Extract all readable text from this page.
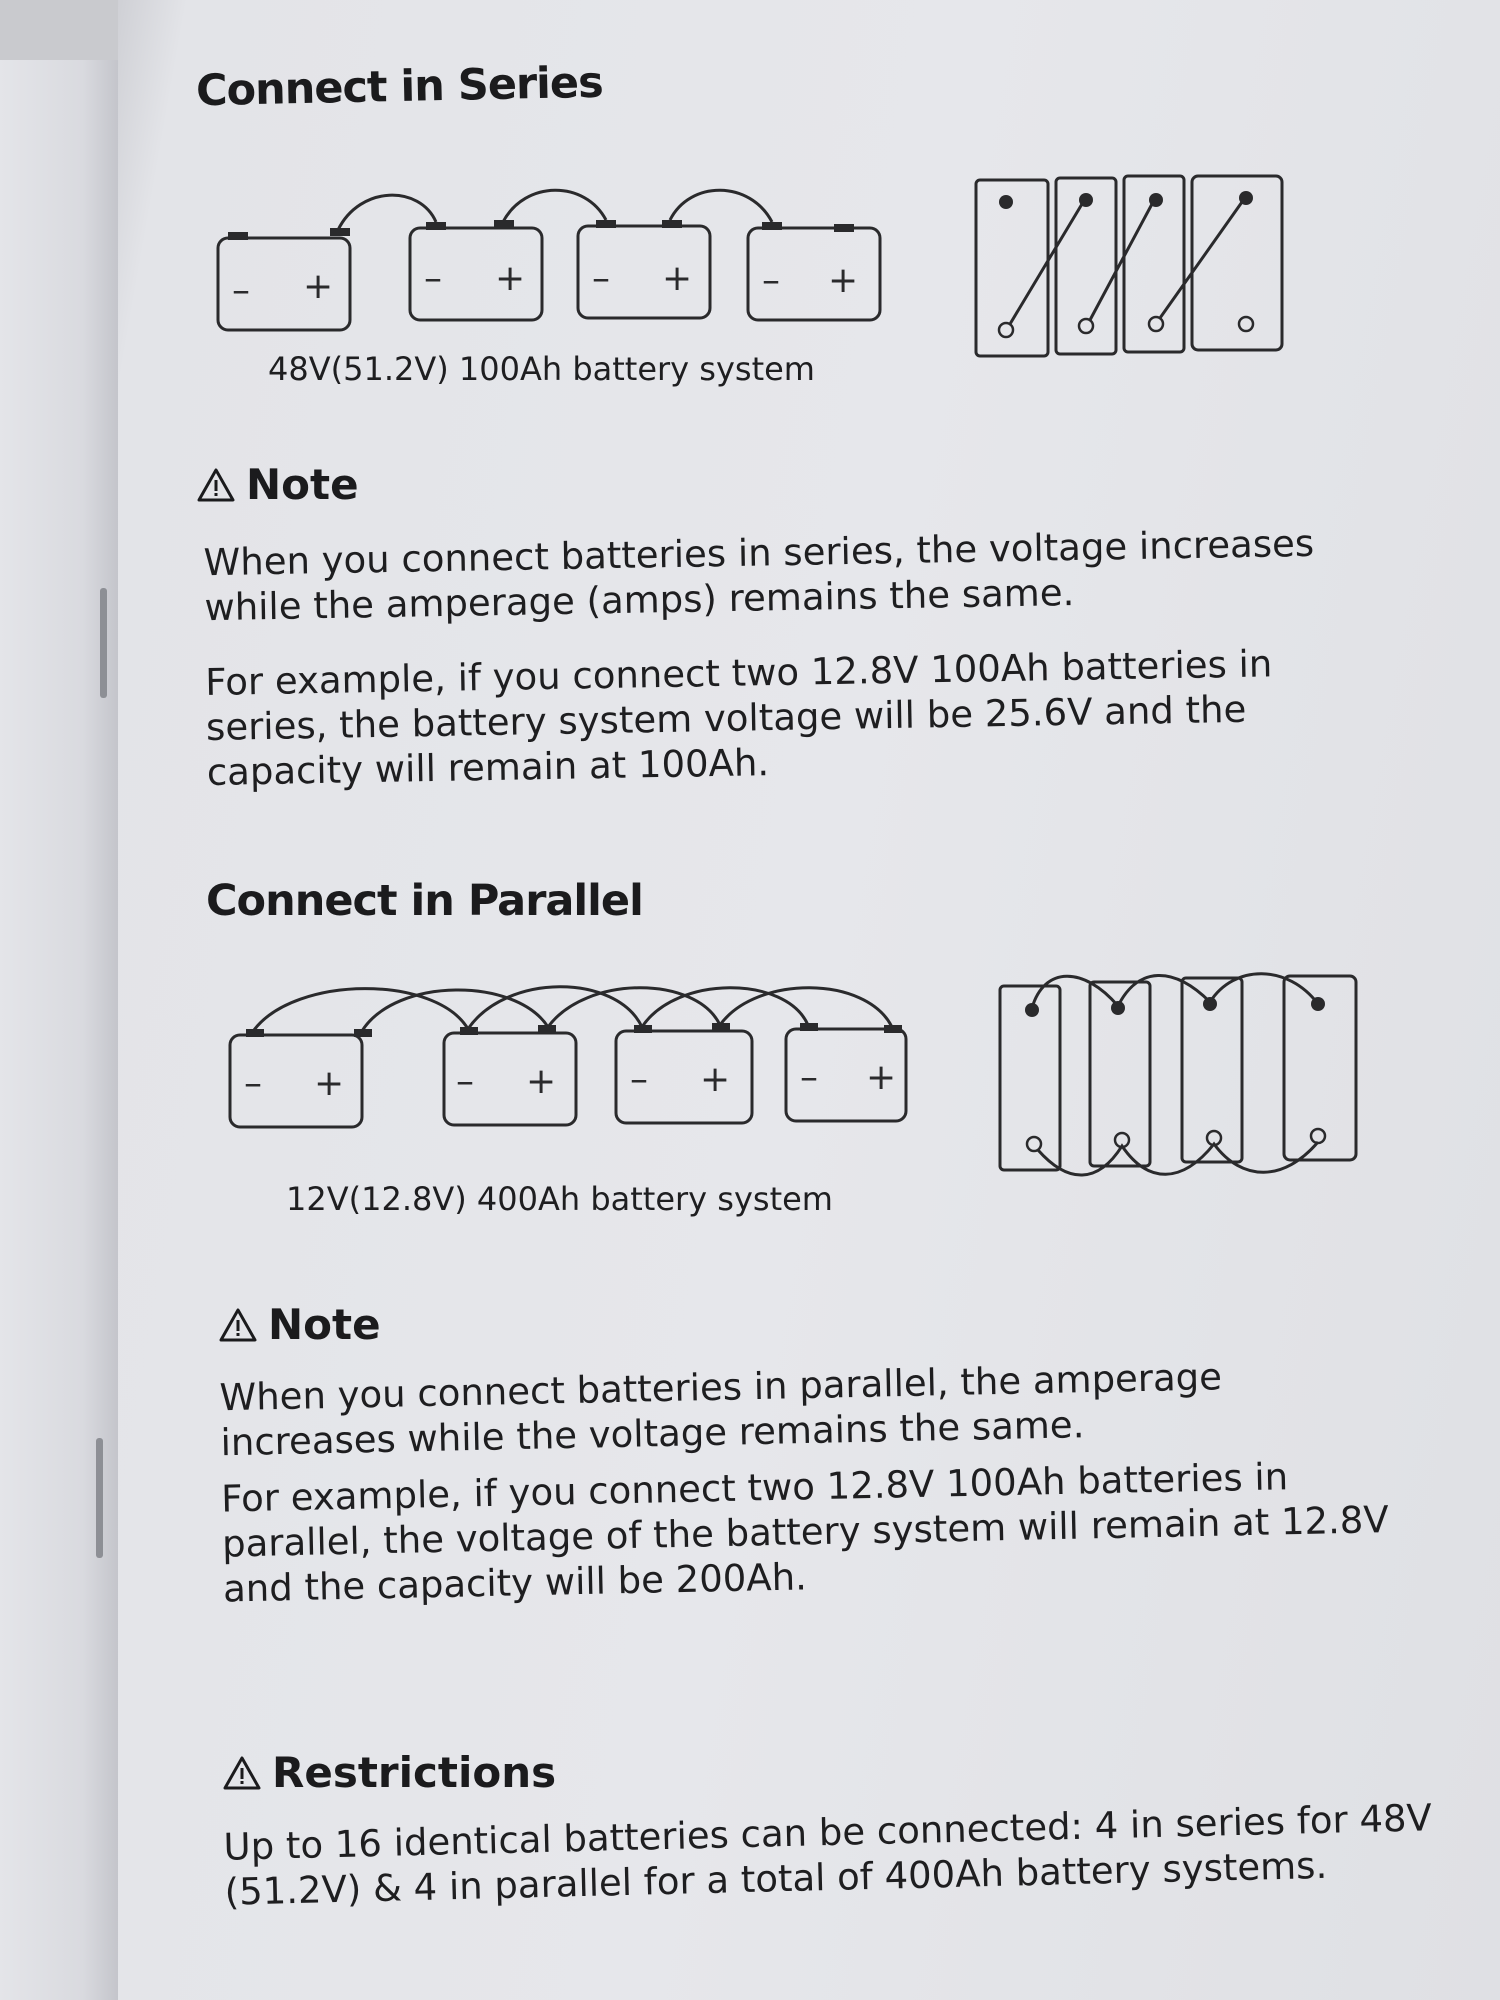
Connect in Series
– +	– + – + – +

48V(51.2V) 100Ah battery system

Note

When you connect batteries in series, the voltage increases while the amperage (amps) remains the same.

For example, if you connect two 12.8V 100Ah batteries in series, the battery system voltage will be 25.6V and the capacity will remain at 100Ah.

Connect in Parallel
– +	– + – + – +

12V(12.8V) 400Ah battery system

Note

When you connect batteries in parallel, the amperage increases while the voltage remains the same.

For example, if you connect two 12.8V 100Ah batteries in parallel, the voltage of the battery system will remain at 12.8V and the capacity will be 200Ah.

Restrictions

Up to 16 identical batteries can be connected: 4 in series for 48V (51.2V) & 4 in parallel for a total of 400Ah battery systems.
